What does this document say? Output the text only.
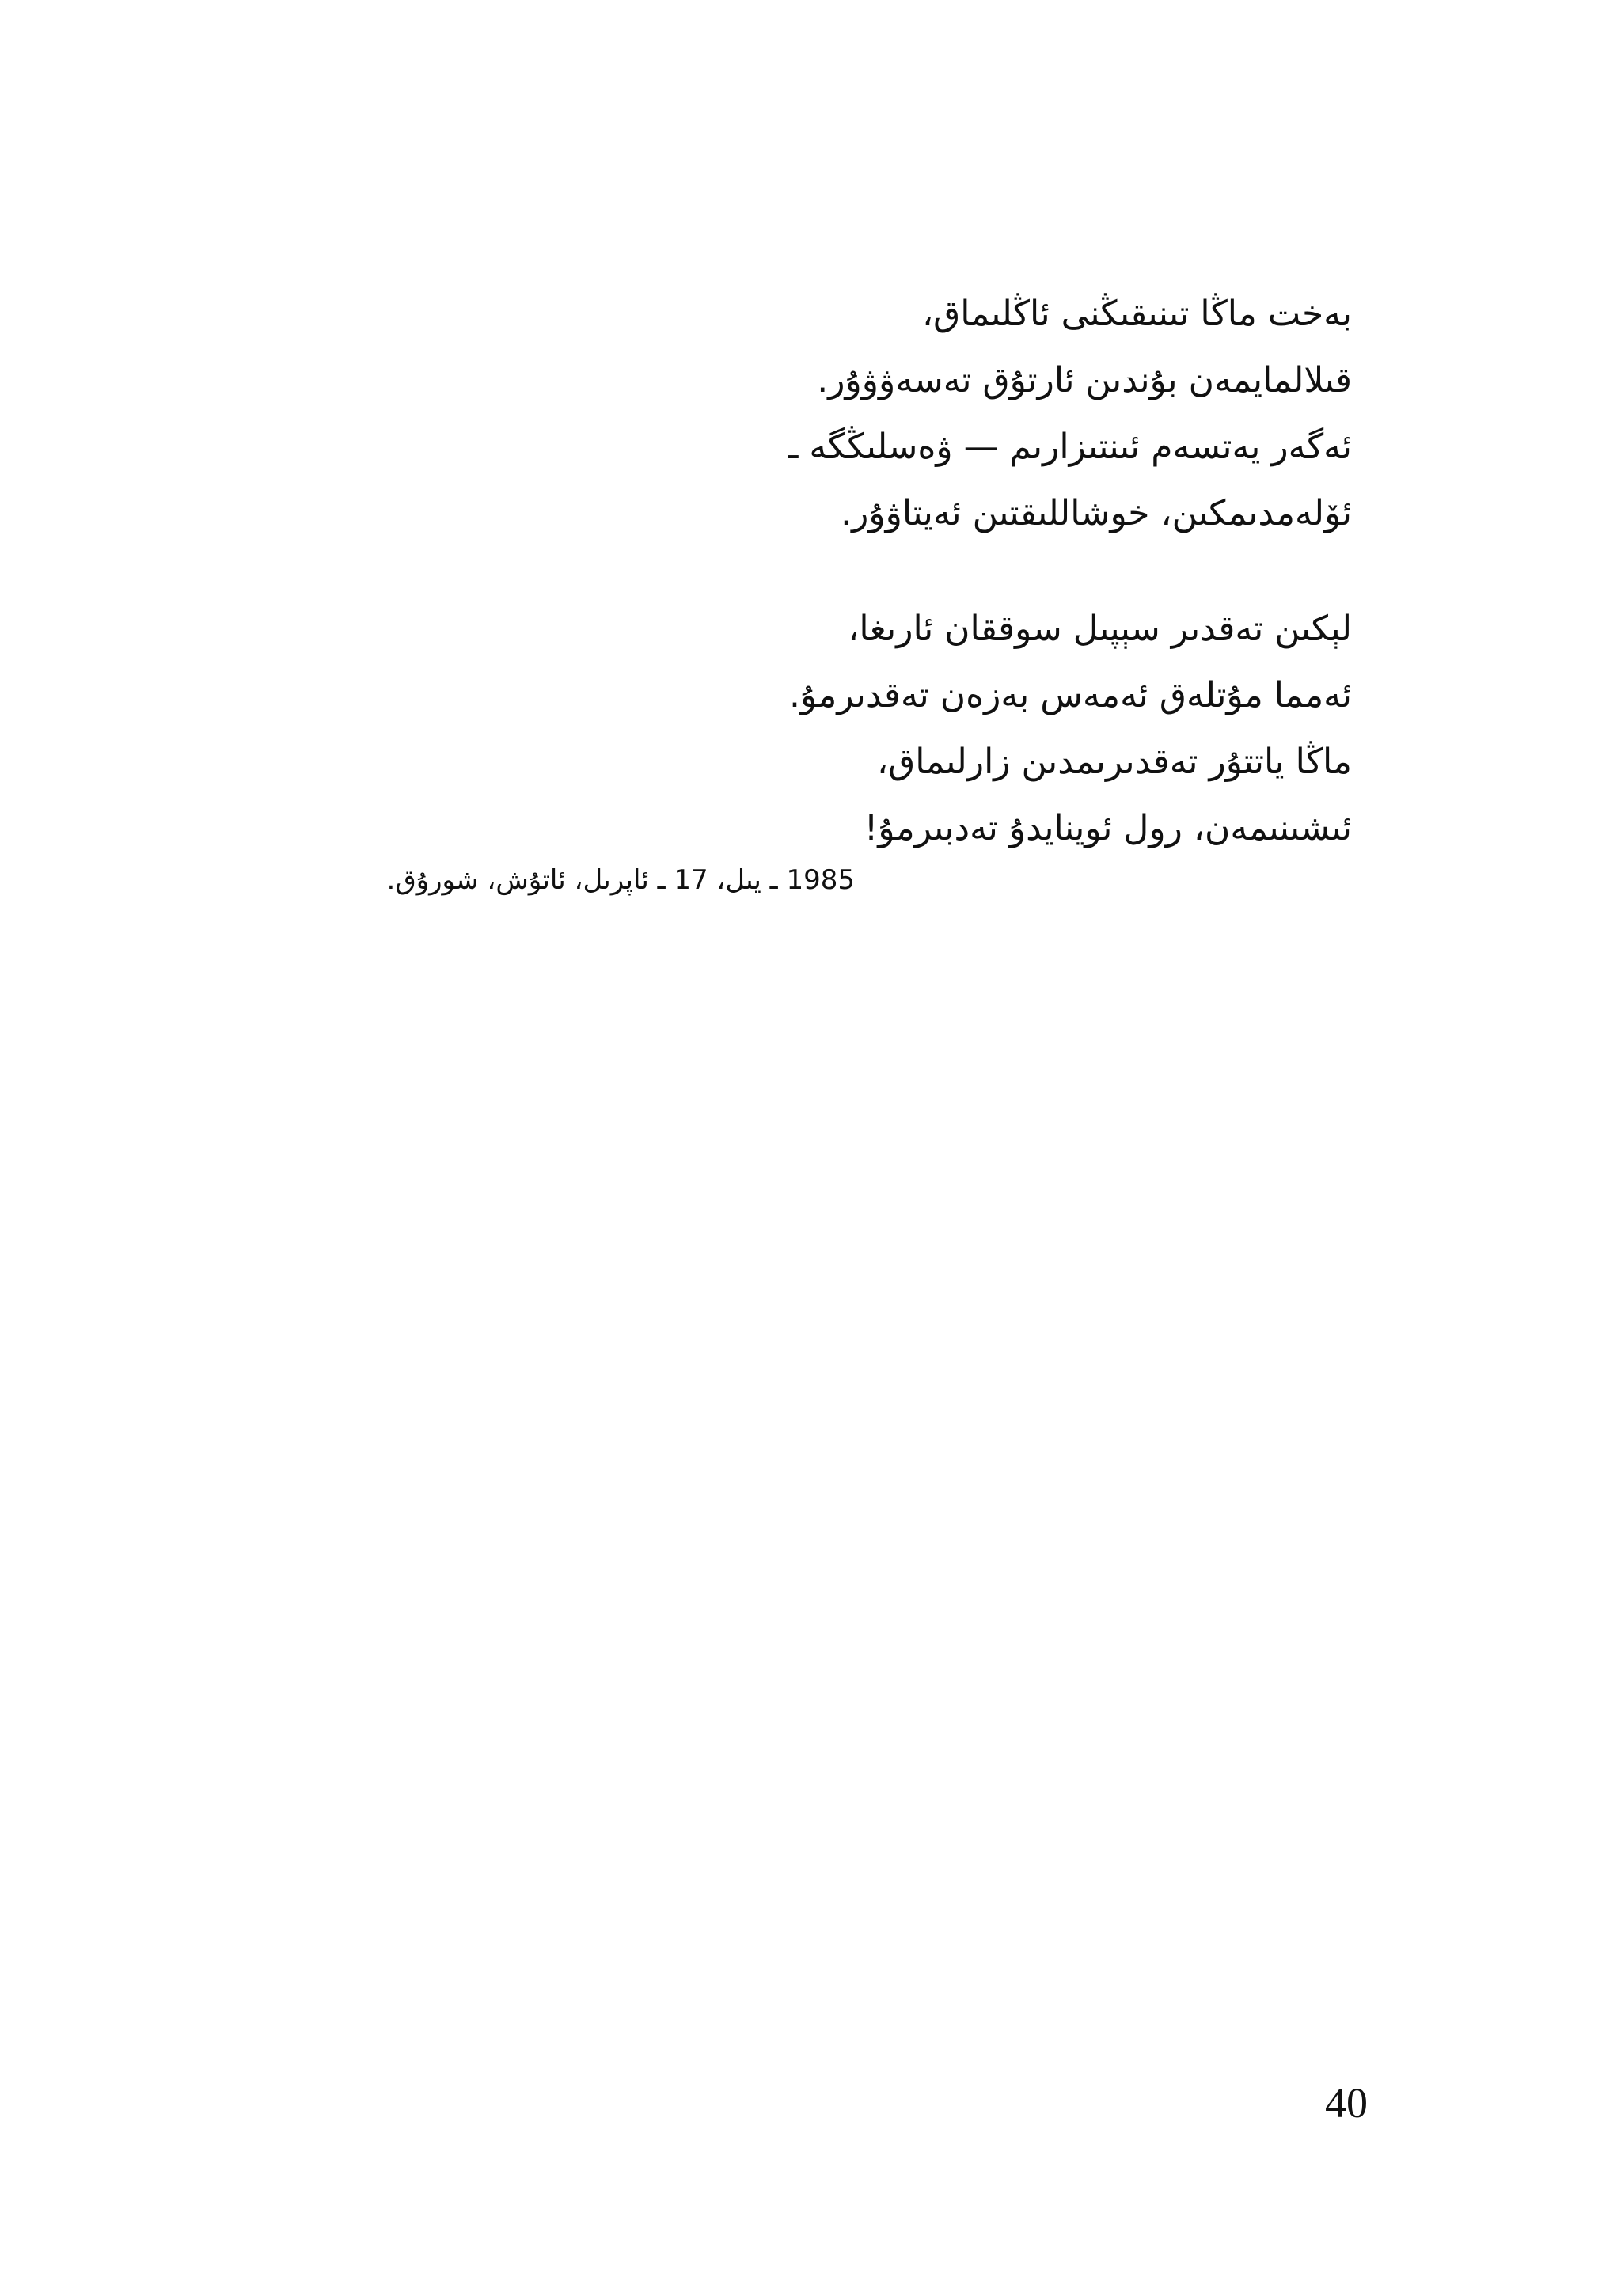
بەخت ماڭا تىنىقىڭنى ئاڭلىماق،
قىلالمايمەن بۇندىن ئارتۇق تەسەۋۋۇر.
ئەگەر يەتسەم ئىنتىزارىم — ۋەسلىڭگە ـ
ئۆلەمدىمكىن، خوشاللىقتىن ئەيتاۋۇر.
لېكىن تەقدىر سېپىل سوققان ئارىغا،
ئەمما مۇتلەق ئەمەس بەزەن تەقدىرمۇ.
ماڭا ياتتۇر تەقدىرىمدىن زارلىماق،
ئىشىنىمەن، رول ئوينايدۇ تەدبىرمۇ!
1985 ـ يىل، 17 ـ ئاپرىل، ئاتۇش، شورۇق.
40
